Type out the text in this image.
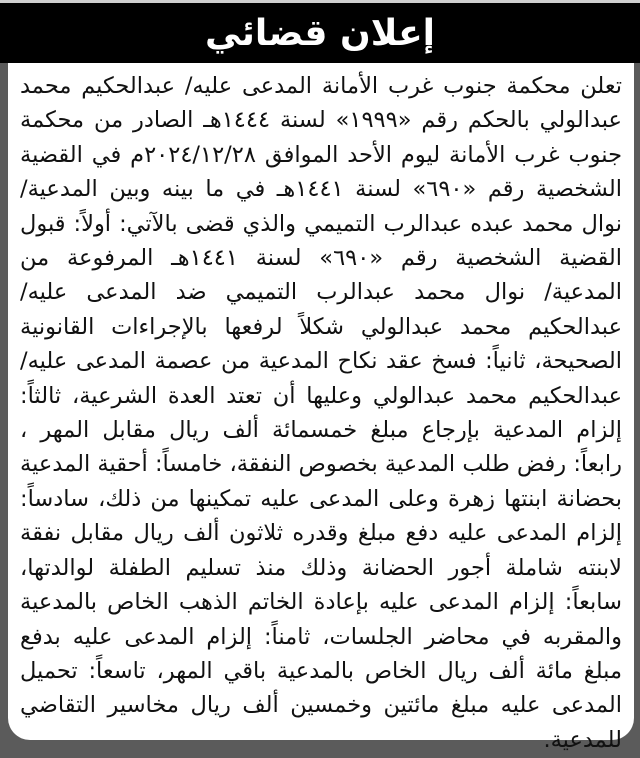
إعلان قضائي

تعلن محكمة جنوب غرب الأمانة المدعى عليه/ عبدالحكيم محمد عبدالولي بالحكم رقم «١٩٩٩» لسنة ١٤٤٤هـ الصادر من محكمة جنوب غرب الأمانة ليوم الأحد الموافق ٢٠٢٤/١٢/٢٨م في القضية الشخصية رقم «٦٩٠» لسنة ١٤٤١هـ في ما بينه وبين المدعية/ نوال محمد عبده عبدالرب التميمي والذي قضى بالآتي: أولاً: قبول القضية الشخصية رقم «٦٩٠» لسنة ١٤٤١هـ المرفوعة من المدعية/ نوال محمد عبدالرب التميمي ضد المدعى عليه/ عبدالحكيم محمد عبدالولي شكلاً لرفعها بالإجراءات القانونية الصحيحة، ثانياً: فسخ عقد نكاح المدعية من عصمة المدعى عليه/ عبدالحكيم محمد عبدالولي وعليها أن تعتد العدة الشرعية، ثالثاً: إلزام المدعية بإرجاع مبلغ خمسمائة ألف ريال مقابل المهر ، رابعاً: رفض طلب المدعية بخصوص النفقة، خامساً: أحقية المدعية بحضانة ابنتها زهرة وعلى المدعى عليه تمكينها من ذلك، سادساً: إلزام المدعى عليه دفع مبلغ وقدره ثلاثون ألف ريال مقابل نفقة لابنته شاملة أجور الحضانة وذلك منذ تسليم الطفلة لوالدتها، سابعاً: إلزام المدعى عليه بإعادة الخاتم الذهب الخاص بالمدعية والمقربه في محاضر الجلسات، ثامناً: إلزام المدعى عليه بدفع مبلغ مائة ألف ريال الخاص بالمدعية باقي المهر، تاسعاً: تحميل المدعى عليه مبلغ مائتين وخمسين ألف ريال مخاسير التقاضي للمدعية.
